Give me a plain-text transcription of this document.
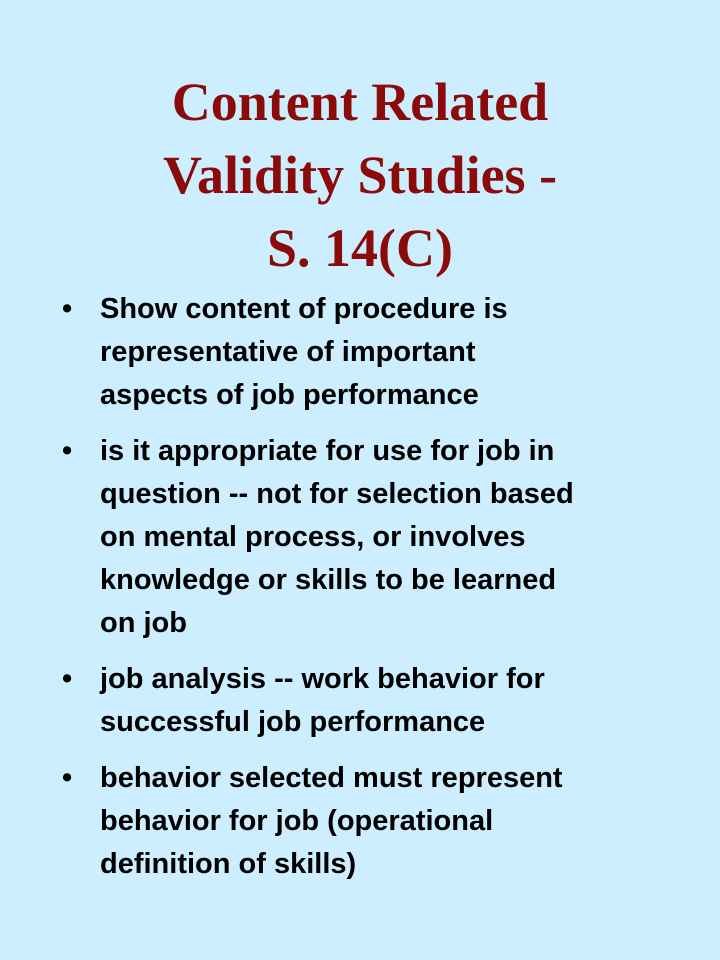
Content Related
Validity Studies -
S. 14(C)
• Show content of procedure is
representative of important
aspects of job performance
• is it appropriate for use for job in
question -- not for selection based
on mental process, or involves
knowledge or skills to be learned
on job
• job analysis -- work behavior for
successful job performance
• behavior selected must represent
behavior for job (operational
definition of skills)
